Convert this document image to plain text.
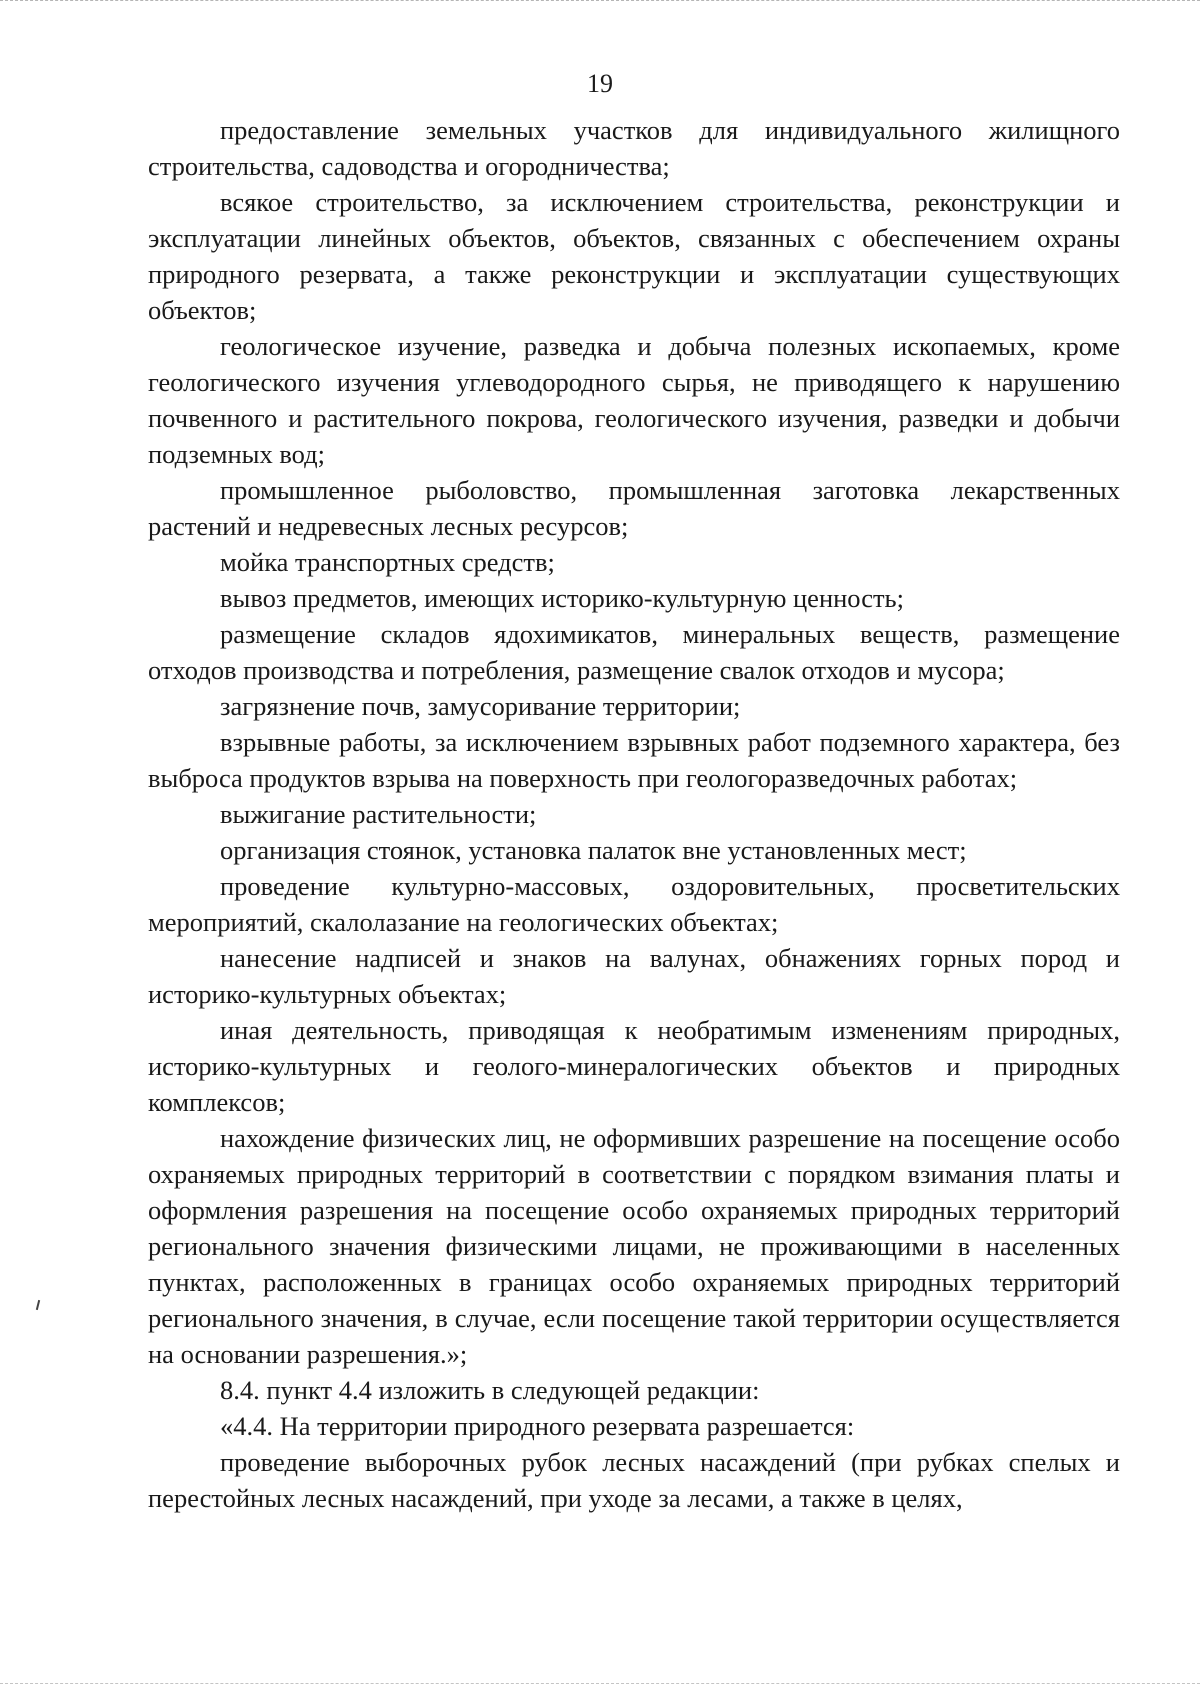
19

предоставление земельных участков для индивидуального жилищного строительства, садоводства и огородничества;

всякое строительство, за исключением строительства, реконструкции и эксплуатации линейных объектов, объектов, связанных с обеспечением охраны природного резервата, а также реконструкции и эксплуатации существующих объектов;

геологическое изучение, разведка и добыча полезных ископаемых, кроме геологического изучения углеводородного сырья, не приводящего к нарушению почвенного и растительного покрова, геологического изучения, разведки и добычи подземных вод;

промышленное рыболовство, промышленная заготовка лекарственных растений и недревесных лесных ресурсов;

мойка транспортных средств;

вывоз предметов, имеющих историко-культурную ценность;

размещение складов ядохимикатов, минеральных веществ, размещение отходов производства и потребления, размещение свалок отходов и мусора;

загрязнение почв, замусоривание территории;

взрывные работы, за исключением взрывных работ подземного характера, без выброса продуктов взрыва на поверхность при геологоразведочных работах;

выжигание растительности;

организация стоянок, установка палаток вне установленных мест;

проведение культурно-массовых, оздоровительных, просветительских мероприятий, скалолазание на геологических объектах;

нанесение надписей и знаков на валунах, обнажениях горных пород и историко-культурных объектах;

иная деятельность, приводящая к необратимым изменениям природных, историко-культурных и геолого-минералогических объектов и природных комплексов;

нахождение физических лиц, не оформивших разрешение на посещение особо охраняемых природных территорий в соответствии с порядком взимания платы и оформления разрешения на посещение особо охраняемых природных территорий регионального значения физическими лицами, не проживающими в населенных пунктах, расположенных в границах особо охраняемых природных территорий регионального значения, в случае, если посещение такой территории осуществляется на основании разрешения.»;

8.4. пункт 4.4 изложить в следующей редакции:

«4.4. На территории природного резервата разрешается:

проведение выборочных рубок лесных насаждений (при рубках спелых и перестойных лесных насаждений, при уходе за лесами, а также в целях,
